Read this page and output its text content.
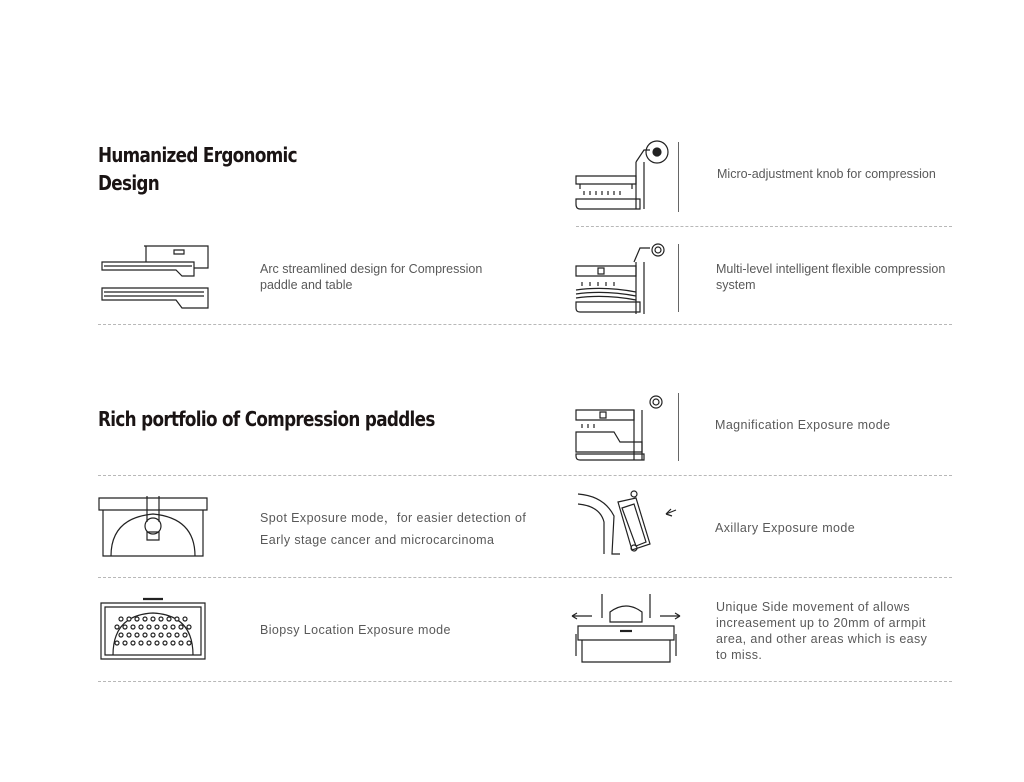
Humanized Ergonomic
Design
Rich portfolio of Compression paddles

Micro-adjustment knob for compression

Arc streamlined design for Compression
paddle and table

Multi-level intelligent flexible compression
system

Magnification Exposure mode

Spot Exposure mode，for easier detection of
Early stage cancer and microcarcinoma

Axillary Exposure mode

Biopsy Location Exposure mode

Unique Side movement of allows
increasement up to 20mm of armpit
area, and other areas which is easy
to miss.
